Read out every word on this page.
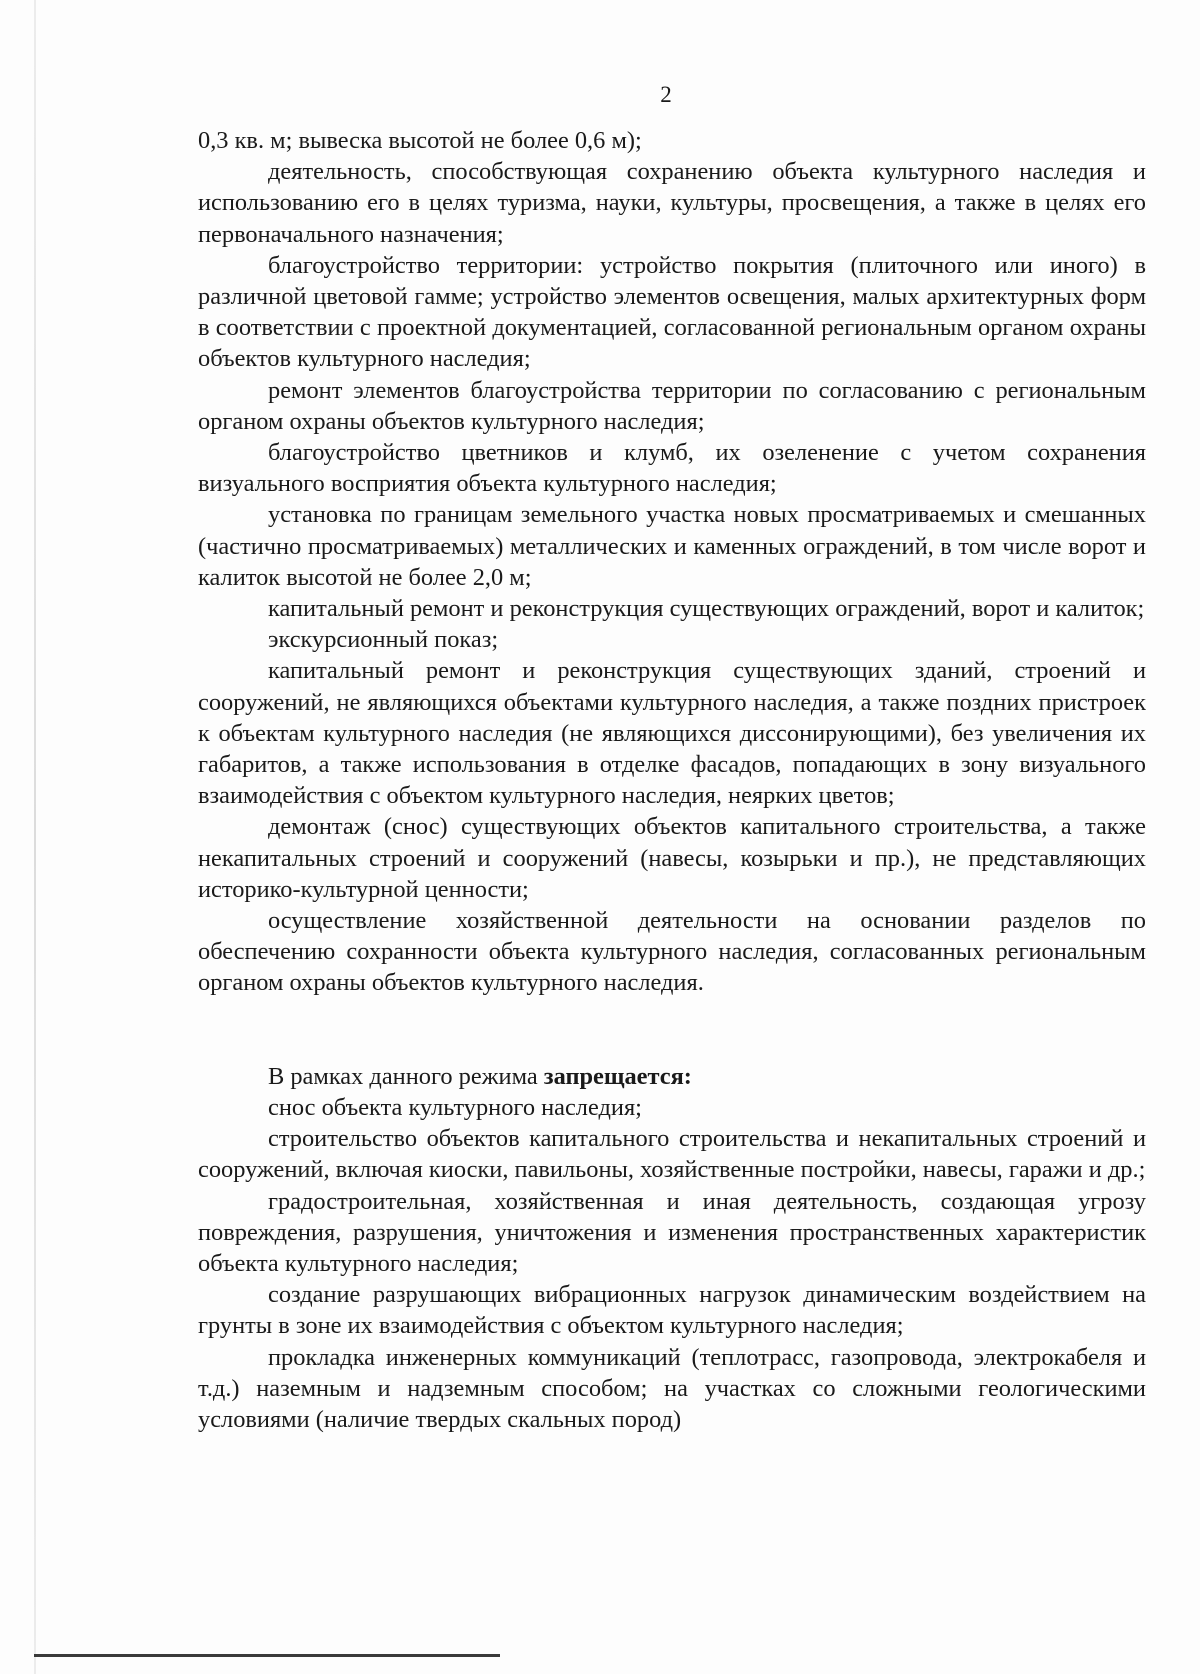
2

0,3 кв. м; вывеска высотой не более 0,6 м);

деятельность, способствующая сохранению объекта культурного наследия и использованию его в целях туризма, науки, культуры, просвещения, а также в целях его первоначального назначения;

благоустройство территории: устройство покрытия (плиточного или иного) в различной цветовой гамме; устройство элементов освещения, малых архитектурных форм в соответствии с проектной документацией, согласованной региональным органом охраны объектов культурного наследия;

ремонт элементов благоустройства территории по согласованию с региональным органом охраны объектов культурного наследия;

благоустройство цветников и клумб, их озеленение с учетом сохранения визуального восприятия объекта культурного наследия;

установка по границам земельного участка новых просматриваемых и смешанных (частично просматриваемых) металлических и каменных ограждений, в том числе ворот и калиток высотой не более 2,0 м;

капитальный ремонт и реконструкция существующих ограждений, ворот и калиток;

экскурсионный показ;

капитальный ремонт и реконструкция существующих зданий, строений и сооружений, не являющихся объектами культурного наследия, а также поздних пристроек к объектам культурного наследия (не являющихся диссонирующими), без увеличения их габаритов, а также использования в отделке фасадов, попадающих в зону визуального взаимодействия с объектом культурного наследия, неярких цветов;

демонтаж (снос) существующих объектов капитального строительства, а также некапитальных строений и сооружений (навесы, козырьки и пр.), не представляющих историко-культурной ценности;

осуществление хозяйственной деятельности на основании разделов по обеспечению сохранности объекта культурного наследия, согласованных региональным органом охраны объектов культурного наследия.

В рамках данного режима запрещается:

снос объекта культурного наследия;

строительство объектов капитального строительства и некапитальных строений и сооружений, включая киоски, павильоны, хозяйственные постройки, навесы, гаражи и др.;

градостроительная, хозяйственная и иная деятельность, создающая угрозу повреждения, разрушения, уничтожения и изменения пространственных характеристик объекта культурного наследия;

создание разрушающих вибрационных нагрузок динамическим воздействием на грунты в зоне их взаимодействия с объектом культурного наследия;

прокладка инженерных коммуникаций (теплотрасс, газопровода, электрокабеля и т.д.) наземным и надземным способом; на участках со сложными геологическими условиями (наличие твердых скальных пород)
